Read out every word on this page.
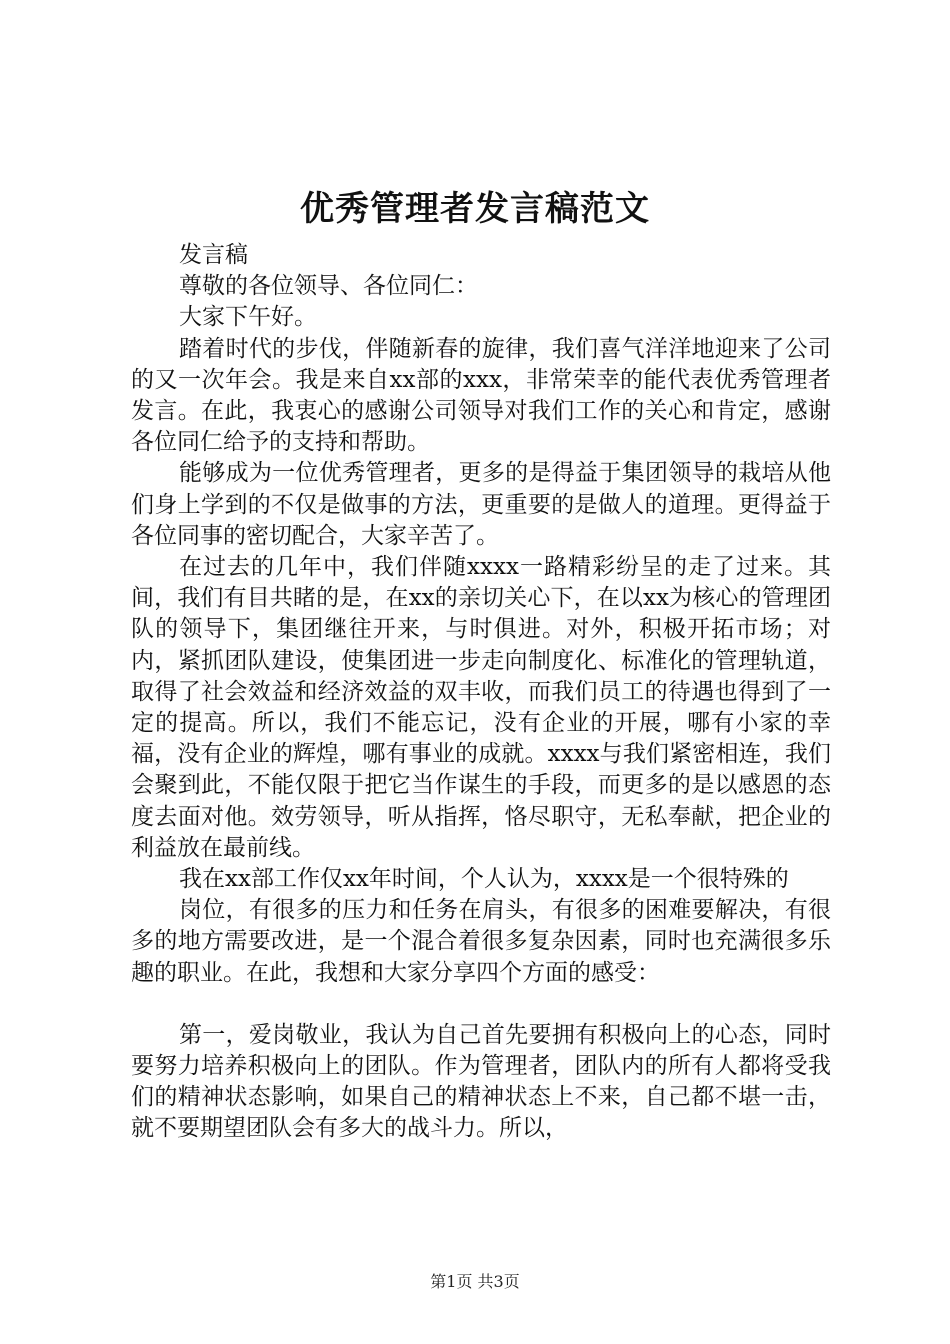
优秀管理者发言稿范文

发言稿

尊敬的各位领导、各位同仁：

大家下午好。

踏着时代的步伐，伴随新春的旋律，我们喜气洋洋地迎来了公司的又一次年会。我是来自xx部的xxx，非常荣幸的能代表优秀管理者发言。在此，我衷心的感谢公司领导对我们工作的关心和肯定，感谢各位同仁给予的支持和帮助。

能够成为一位优秀管理者，更多的是得益于集团领导的栽培从他们身上学到的不仅是做事的方法，更重要的是做人的道理。更得益于各位同事的密切配合，大家辛苦了。

在过去的几年中，我们伴随xxxx一路精彩纷呈的走了过来。其间，我们有目共睹的是，在xx的亲切关心下，在以xx为核心的管理团队的领导下，集团继往开来，与时俱进。对外，积极开拓市场；对内，紧抓团队建设，使集团进一步走向制度化、标准化的管理轨道，取得了社会效益和经济效益的双丰收，而我们员工的待遇也得到了一定的提高。所以，我们不能忘记，没有企业的开展，哪有小家的幸福，没有企业的辉煌，哪有事业的成就。xxxx与我们紧密相连，我们会聚到此，不能仅限于把它当作谋生的手段，而更多的是以感恩的态度去面对他。效劳领导，听从指挥，恪尽职守，无私奉献，把企业的利益放在最前线。

我在xx部工作仅xx年时间，个人认为，xxxx是一个很特殊的

岗位，有很多的压力和任务在肩头，有很多的困难要解决，有很多的地方需要改进，是一个混合着很多复杂因素，同时也充满很多乐趣的职业。在此，我想和大家分享四个方面的感受：

第一，爱岗敬业，我认为自己首先要拥有积极向上的心态，同时要努力培养积极向上的团队。作为管理者，团队内的所有人都将受我们的精神状态影响，如果自己的精神状态上不来，自己都不堪一击，就不要期望团队会有多大的战斗力。所以，

第1页 共3页
